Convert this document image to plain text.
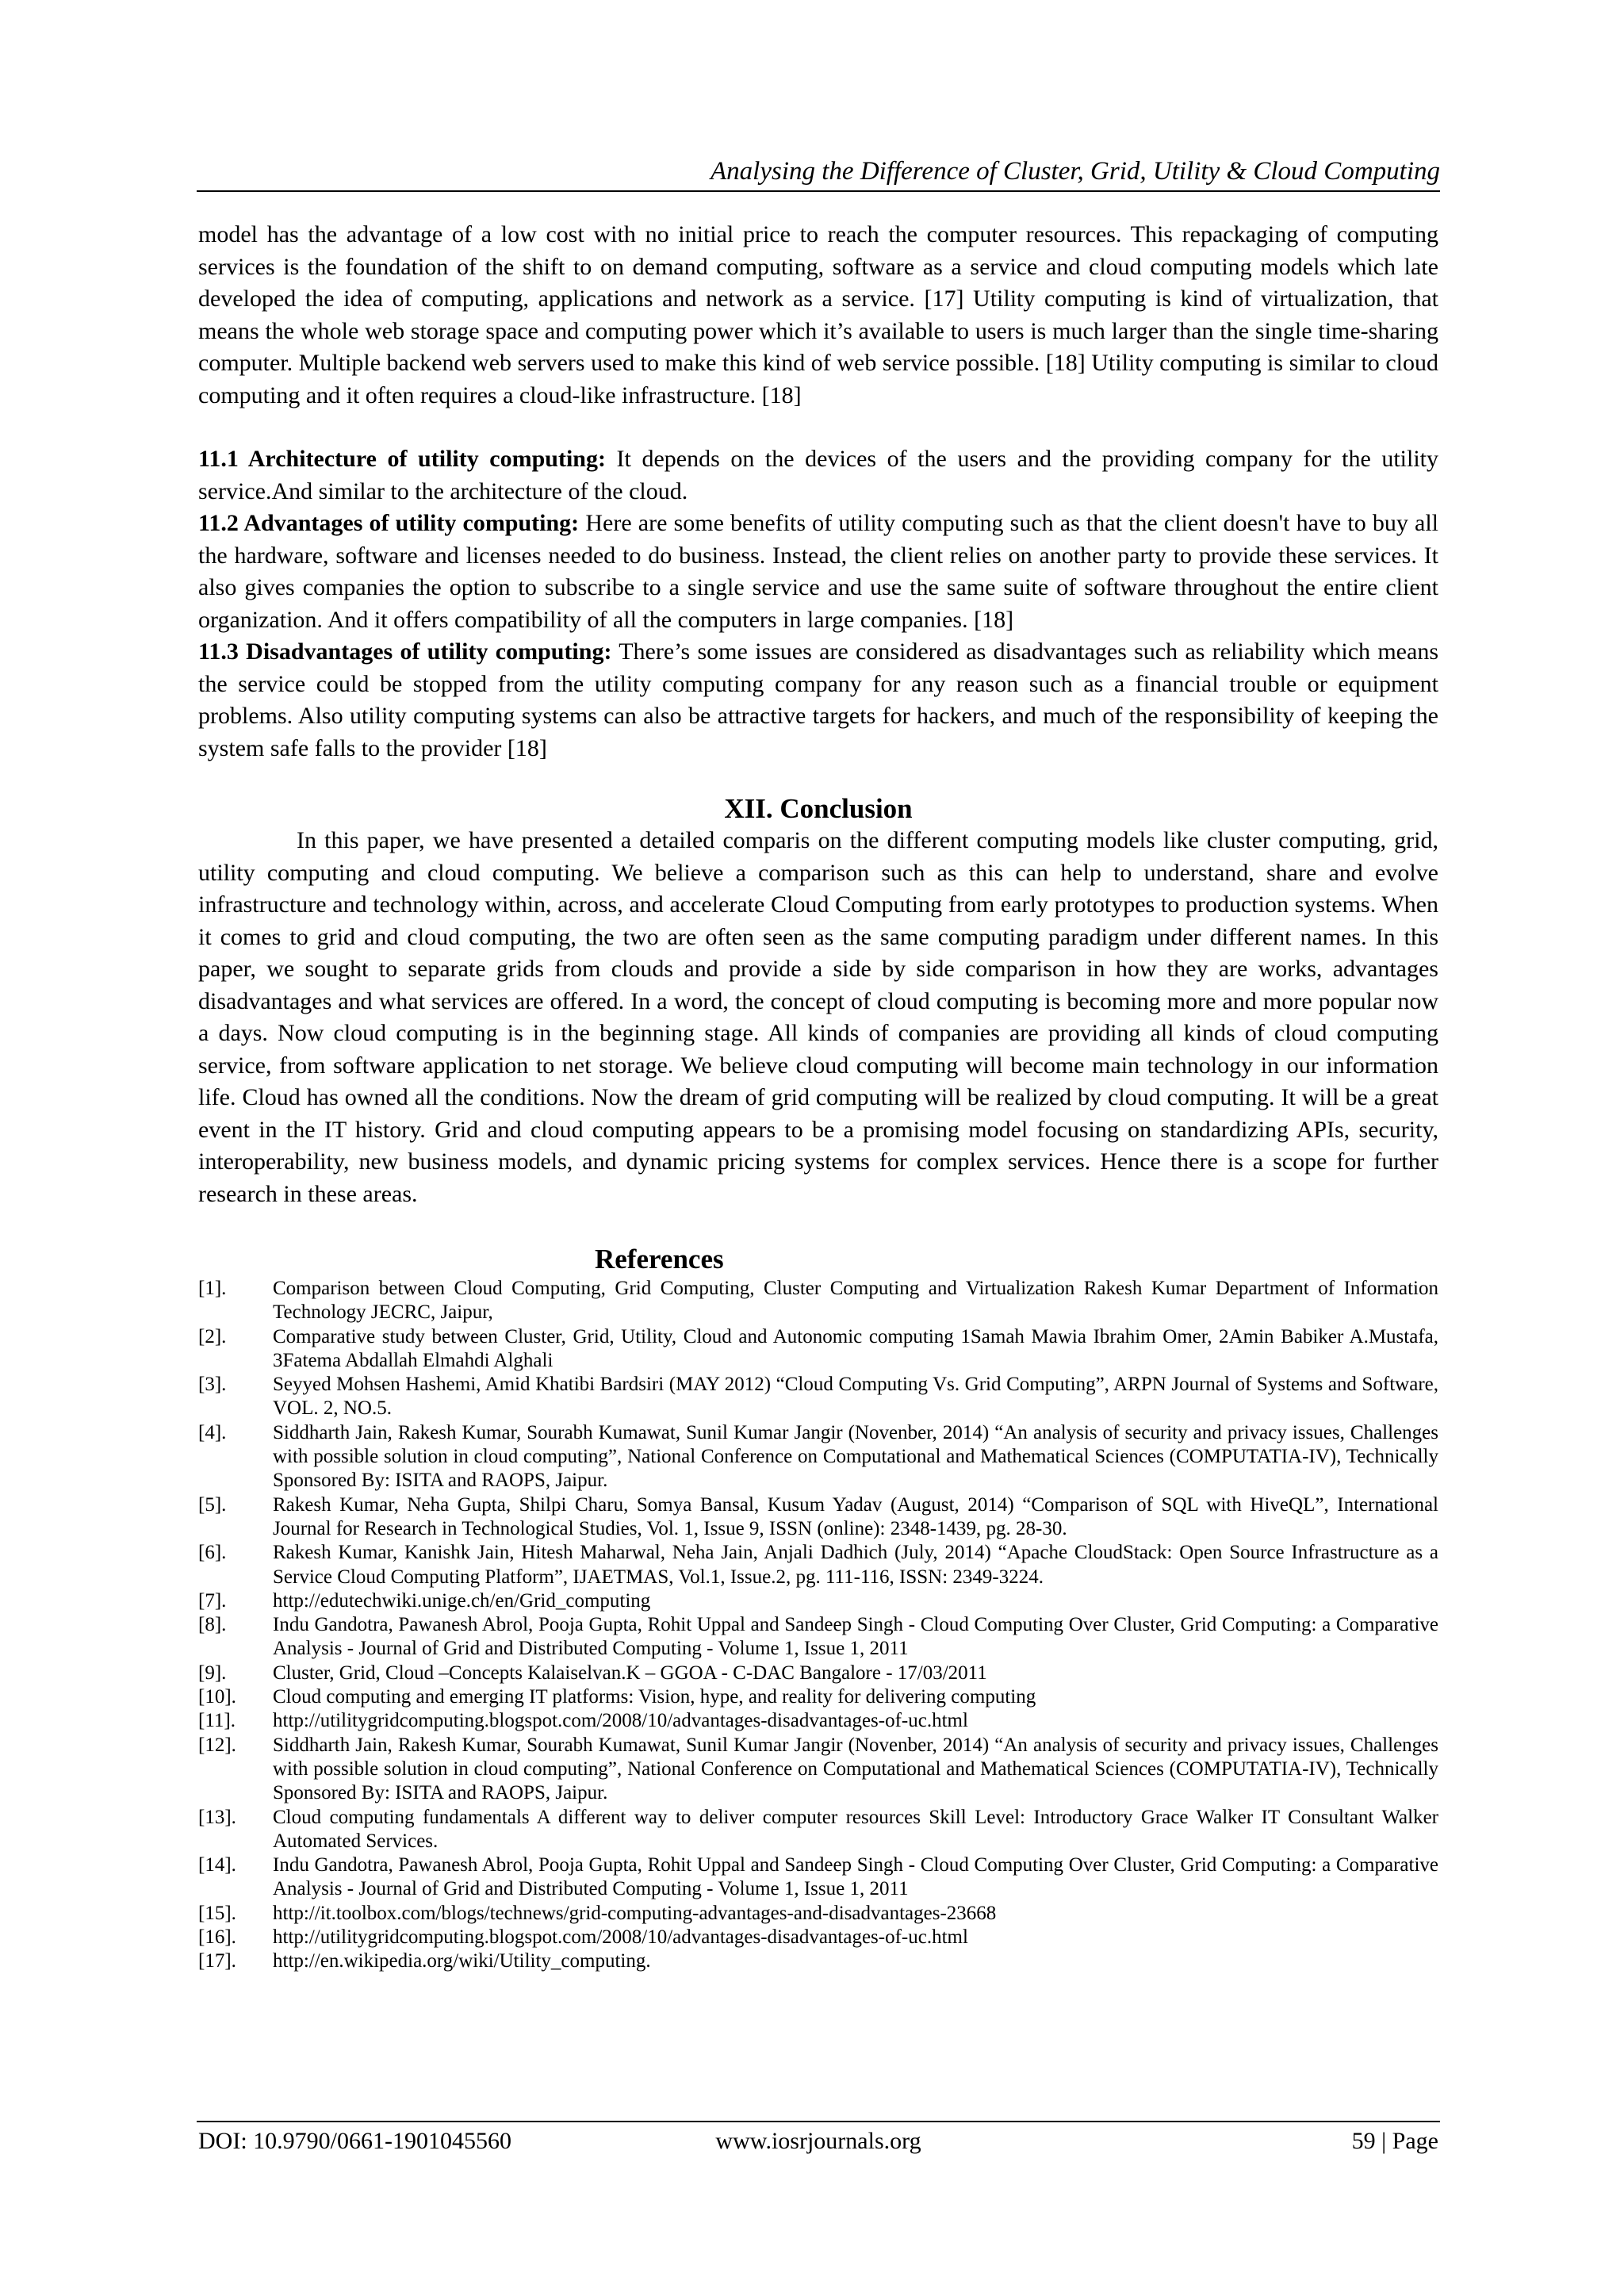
Analysing the Difference of Cluster, Grid, Utility & Cloud Computing

model has the advantage of a low cost with no initial price to reach the computer resources. This repackaging of computing services is the foundation of the shift to on demand computing, software as a service and cloud computing models which late developed the idea of computing, applications and network as a service. [17] Utility computing is kind of virtualization, that means the whole web storage space and computing power which it’s available to users is much larger than the single time-sharing computer. Multiple backend web servers used to make this kind of web service possible. [18] Utility computing is similar to cloud computing and it often requires a cloud-like infrastructure. [18]

11.1 Architecture of utility computing: It depends on the devices of the users and the providing company for the utility service.And similar to the architecture of the cloud.

11.2 Advantages of utility computing: Here are some benefits of utility computing such as that the client doesn't have to buy all the hardware, software and licenses needed to do business. Instead, the client relies on another party to provide these services. It also gives companies the option to subscribe to a single service and use the same suite of software throughout the entire client organization. And it offers compatibility of all the computers in large companies. [18]

11.3 Disadvantages of utility computing: There’s some issues are considered as disadvantages such as reliability which means the service could be stopped from the utility computing company for any reason such as a financial trouble or equipment problems. Also utility computing systems can also be attractive targets for hackers, and much of the responsibility of keeping the system safe falls to the provider [18]

XII. Conclusion

In this paper, we have presented a detailed comparis on the different computing models like cluster computing, grid, utility computing and cloud computing. We believe a comparison such as this can help to understand, share and evolve infrastructure and technology within, across, and accelerate Cloud Computing from early prototypes to production systems. When it comes to grid and cloud computing, the two are often seen as the same computing paradigm under different names. In this paper, we sought to separate grids from clouds and provide a side by side comparison in how they are works, advantages disadvantages and what services are offered. In a word, the concept of cloud computing is becoming more and more popular now a days. Now cloud computing is in the beginning stage. All kinds of companies are providing all kinds of cloud computing service, from software application to net storage. We believe cloud computing will become main technology in our information life. Cloud has owned all the conditions. Now the dream of grid computing will be realized by cloud computing. It will be a great event in the IT history. Grid and cloud computing appears to be a promising model focusing on standardizing APIs, security, interoperability, new business models, and dynamic pricing systems for complex services. Hence there is a scope for further research in these areas.

References
[1].	Comparison between Cloud Computing, Grid Computing, Cluster Computing and Virtualization Rakesh Kumar Department of Information Technology JECRC, Jaipur,
[2].	Comparative study between Cluster, Grid, Utility, Cloud and Autonomic computing 1Samah Mawia Ibrahim Omer, 2Amin Babiker A.Mustafa, 3Fatema Abdallah Elmahdi Alghali
[3].	Seyyed Mohsen Hashemi, Amid Khatibi Bardsiri (MAY 2012) “Cloud Computing Vs. Grid Computing”, ARPN Journal of Systems and Software, VOL. 2, NO.5.
[4].	Siddharth Jain, Rakesh Kumar, Sourabh Kumawat, Sunil Kumar Jangir (Novenber, 2014) “An analysis of security and privacy issues, Challenges with possible solution in cloud computing”, National Conference on Computational and Mathematical Sciences (COMPUTATIA-IV), Technically Sponsored By: ISITA and RAOPS, Jaipur.
[5].	Rakesh Kumar, Neha Gupta, Shilpi Charu, Somya Bansal, Kusum Yadav (August, 2014) “Comparison of SQL with HiveQL”, International Journal for Research in Technological Studies, Vol. 1, Issue 9, ISSN (online): 2348-1439, pg. 28-30.
[6].	Rakesh Kumar, Kanishk Jain, Hitesh Maharwal, Neha Jain, Anjali Dadhich (July, 2014) “Apache CloudStack: Open Source Infrastructure as a Service Cloud Computing Platform”, IJAETMAS, Vol.1, Issue.2, pg. 111-116, ISSN: 2349-3224.
[7].	http://edutechwiki.unige.ch/en/Grid_computing
[8].	Indu Gandotra, Pawanesh Abrol, Pooja Gupta, Rohit Uppal and Sandeep Singh - Cloud Computing Over Cluster, Grid Computing: a Comparative Analysis - Journal of Grid and Distributed Computing - Volume 1, Issue 1, 2011
[9].	Cluster, Grid, Cloud –Concepts Kalaiselvan.K – GGOA - C-DAC Bangalore - 17/03/2011
[10].	Cloud computing and emerging IT platforms: Vision, hype, and reality for delivering computing
[11].	http://utilitygridcomputing.blogspot.com/2008/10/advantages-disadvantages-of-uc.html
[12].	Siddharth Jain, Rakesh Kumar, Sourabh Kumawat, Sunil Kumar Jangir (Novenber, 2014) “An analysis of security and privacy issues, Challenges with possible solution in cloud computing”, National Conference on Computational and Mathematical Sciences (COMPUTATIA-IV), Technically Sponsored By: ISITA and RAOPS, Jaipur.
[13].	Cloud computing fundamentals A different way to deliver computer resources Skill Level: Introductory Grace Walker IT Consultant Walker Automated Services.
[14].	Indu Gandotra, Pawanesh Abrol, Pooja Gupta, Rohit Uppal and Sandeep Singh - Cloud Computing Over Cluster, Grid Computing: a Comparative Analysis - Journal of Grid and Distributed Computing - Volume 1, Issue 1, 2011
[15].	http://it.toolbox.com/blogs/technews/grid-computing-advantages-and-disadvantages-23668
[16].	http://utilitygridcomputing.blogspot.com/2008/10/advantages-disadvantages-of-uc.html
[17].	http://en.wikipedia.org/wiki/Utility_computing.
DOI: 10.9790/0661-1901045560	www.iosrjournals.org	59 | Page
